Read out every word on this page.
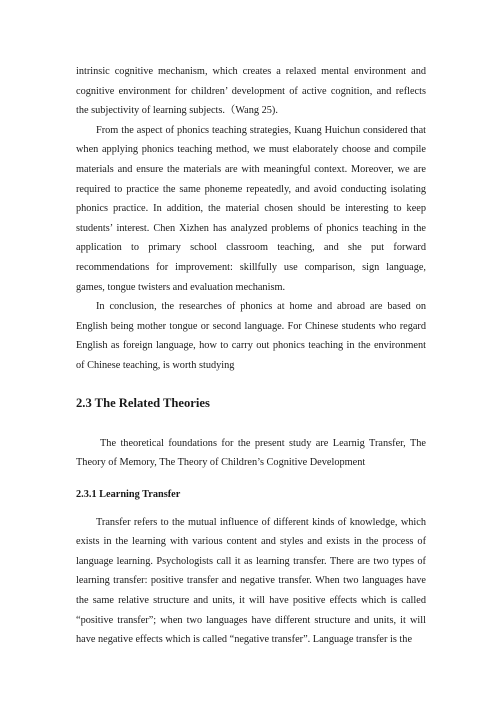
intrinsic cognitive mechanism, which creates a relaxed mental environment and cognitive environment for children’ development of active cognition, and reflects the subjectivity of learning subjects.（Wang 25).

From the aspect of phonics teaching strategies, Kuang Huichun considered that when applying phonics teaching method, we must elaborately choose and compile materials and ensure the materials are with meaningful context. Moreover, we are required to practice the same phoneme repeatedly, and avoid conducting isolating phonics practice. In addition, the material chosen should be interesting to keep students’ interest. Chen Xizhen has analyzed problems of phonics teaching in the application to primary school classroom teaching, and she put forward recommendations for improvement: skillfully use comparison, sign language, games, tongue twisters and evaluation mechanism.

In conclusion, the researches of phonics at home and abroad are based on English being mother tongue or second language. For Chinese students who regard English as foreign language, how to carry out phonics teaching in the environment of Chinese teaching, is worth studying

2.3 The Related Theories

The theoretical foundations for the present study are Learnig Transfer, The Theory of Memory, The Theory of Children’s Cognitive Development

2.3.1 Learning Transfer

Transfer refers to the mutual influence of different kinds of knowledge, which exists in the learning with various content and styles and exists in the process of language learning. Psychologists call it as learning transfer. There are two types of learning transfer: positive transfer and negative transfer. When two languages have the same relative structure and units, it will have positive effects which is called “positive transfer”; when two languages have different structure and units, it will have negative effects which is called “negative transfer”. Language transfer is the
